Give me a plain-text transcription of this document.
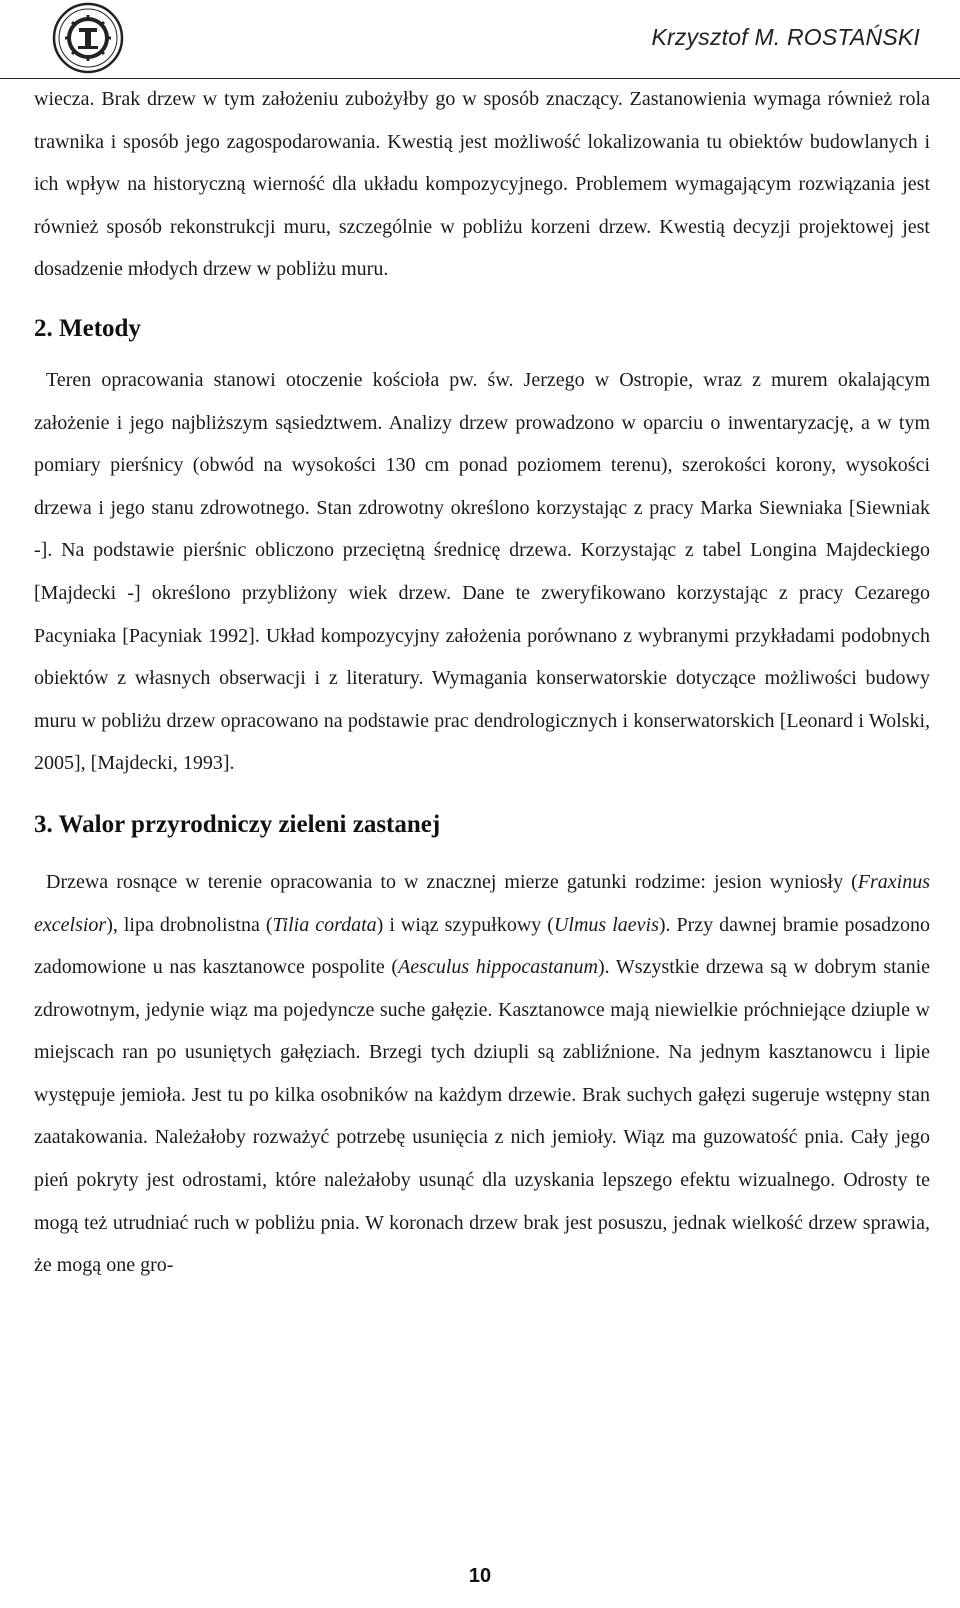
Krzysztof M. ROSTAŃSKI

wiecza. Brak drzew w tym założeniu zubożyłby go w sposób znaczący. Zastanowienia wymaga również rola trawnika i sposób jego zagospodarowania. Kwestią jest możliwość lokalizowania tu obiektów budowlanych i ich wpływ na historyczną wierność dla układu kompozycyjnego. Problemem wymagającym rozwiązania jest również sposób rekonstrukcji muru, szczególnie w pobliżu korzeni drzew. Kwestią decyzji projektowej jest dosadzenie młodych drzew w pobliżu muru.

2. Metody

Teren opracowania stanowi otoczenie kościoła pw. św. Jerzego w Ostropie, wraz z murem okalającym założenie i jego najbliższym sąsiedztwem. Analizy drzew prowadzono w oparciu o inwentaryzację, a w tym pomiary pierśnicy (obwód na wysokości 130 cm ponad poziomem terenu), szerokości korony, wysokości drzewa i jego stanu zdrowotnego. Stan zdrowotny określono korzystając z pracy Marka Siewniaka [Siewniak -]. Na podstawie pierśnic obliczono przeciętną średnicę drzewa. Korzystając z tabel Longina Majdeckiego [Majdecki -] określono przybliżony wiek drzew. Dane te zweryfikowano korzystając z pracy Cezarego Pacyniaka [Pacyniak 1992]. Układ kompozycyjny założenia porównano z wybranymi przykładami podobnych obiektów z własnych obserwacji i z literatury. Wymagania konserwatorskie dotyczące możliwości budowy muru w pobliżu drzew opracowano na podstawie prac dendrologicznych i konserwatorskich [Leonard i Wolski, 2005], [Majdecki, 1993].

3. Walor przyrodniczy zieleni zastanej

Drzewa rosnące w terenie opracowania to w znacznej mierze gatunki rodzime: jesion wyniosły (Fraxinus excelsior), lipa drobnolistna (Tilia cordata) i wiąz szypułkowy (Ulmus laevis). Przy dawnej bramie posadzono zadomowione u nas kasztanowce pospolite (Aesculus hippocastanum). Wszystkie drzewa są w dobrym stanie zdrowotnym, jedynie wiąz ma pojedyncze suche gałęzie. Kasztanowce mają niewielkie próchniejące dziuple w miejscach ran po usuniętych gałęziach. Brzegi tych dziupli są zabliźnione. Na jednym kasztanowcu i lipie występuje jemioła. Jest tu po kilka osobników na każdym drzewie. Brak suchych gałęzi sugeruje wstępny stan zaatakowania. Należałoby rozważyć potrzebę usunięcia z nich jemioły. Wiąz ma guzowatość pnia. Cały jego pień pokryty jest odrostami, które należałoby usunąć dla uzyskania lepszego efektu wizualnego. Odrosty te mogą też utrudniać ruch w pobliżu pnia. W koronach drzew brak jest posuszu, jednak wielkość drzew sprawia, że mogą one gro-

10
